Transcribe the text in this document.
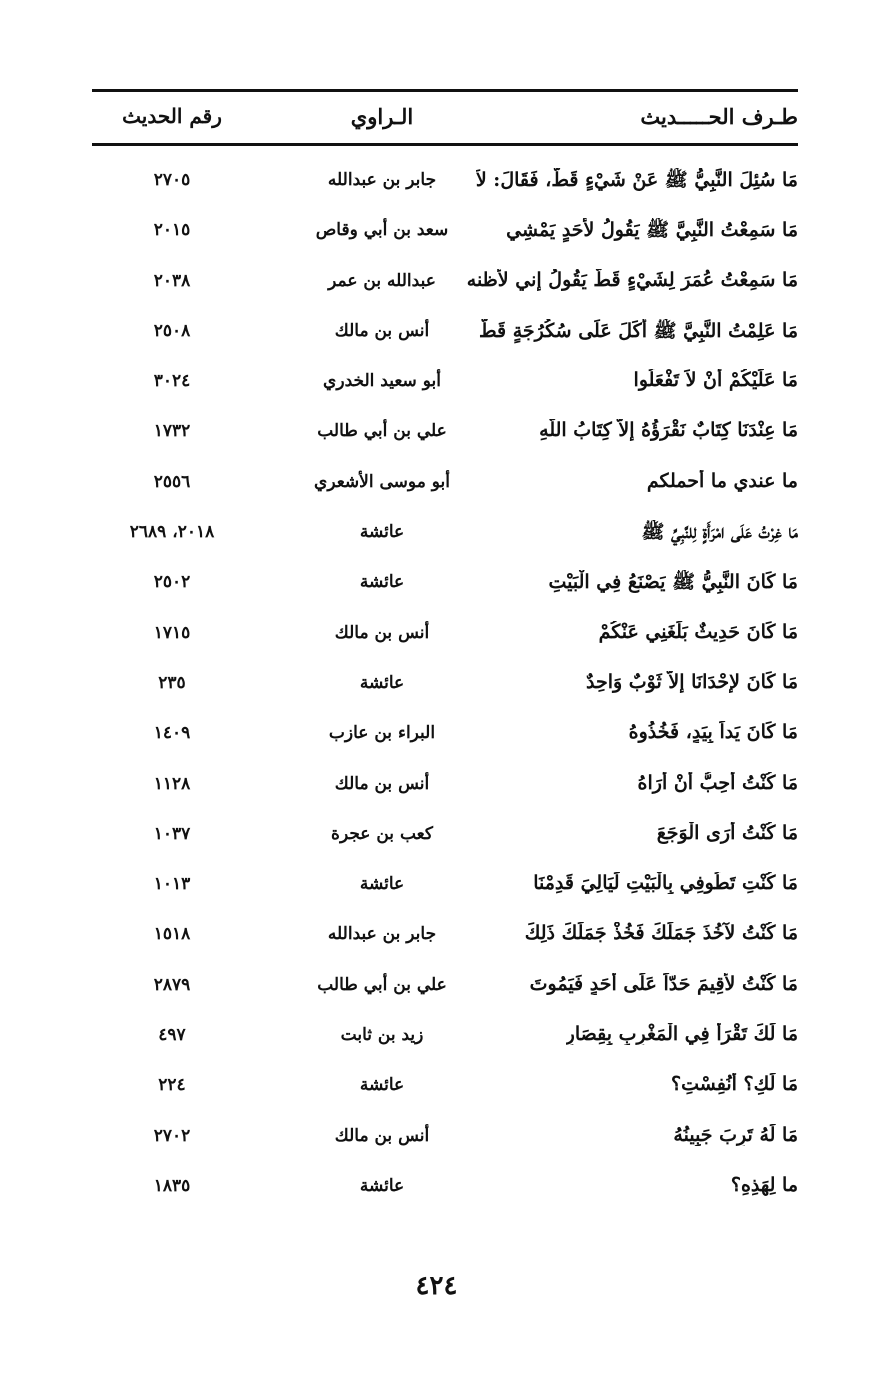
طـرف الحـــــديث
الـراوي
رقم الحديث
مَا سُئِلَ النَّبِيُّ ﷺ عَنْ شَيْءٍ قَطُّ، فَقَالَ: لاَ
جابر بن عبدالله
٢٧٠٥
مَا سَمِعْتُ النَّبِيَّ ﷺ يَقُولُ لأَحَدٍ يَمْشِي
سعد بن أبي وقاص
٢٠١٥
مَا سَمِعْتُ عُمَرَ لِشَيْءٍ قَطُّ يَقُولُ إني لأظنه
عبدالله بن عمر
٢٠٣٨
مَا عَلِمْتُ النَّبِيَّ ﷺ أَكَلَ عَلَى سُكُرُجَةٍ قَطُّ
أنس بن مالك
٢٥٠٨
مَا عَلَيْكُمْ أَنْ لاَ تَفْعَلُوا
أبو سعيد الخدري
٣٠٢٤
مَا عِنْدَنَا كِتَابٌ نَقْرَؤُهُ إِلاَّ كِتَابُ اللَّهِ
علي بن أبي طالب
١٧٣٢
ما عندي ما أحملكم
أبو موسى الأشعري
٢٥٥٦
مَا غِرْتُ عَلَى امْرَأَةٍ لِلنَّبِيِّ ﷺ
عائشة
٢٠١٨، ٢٦٨٩
مَا كَانَ النَّبِيُّ ﷺ يَصْنَعُ فِي الْبَيْتِ
عائشة
٢٥٠٢
مَا كَانَ حَدِيثٌ بَلَغَنِي عَنْكُمْ
أنس بن مالك
١٧١٥
مَا كَانَ لإِحْدَانَا إِلاَّ ثَوْبٌ وَاحِدٌ
عائشة
٢٣٥
مَا كَانَ يَداً بِيَدٍ، فَخُذُوهُ
البراء بن عازب
١٤٠٩
مَا كُنْتُ أُحِبُّ أَنْ أَرَاهُ
أنس بن مالك
١١٢٨
مَا كُنْتُ أُرَى الْوَجَعَ
كعب بن عجرة
١٠٣٧
مَا كُنْتِ تَطُوفِي بِالْبَيْتِ لَيَالِيَ قَدِمْنَا
عائشة
١٠١٣
مَا كُنْتُ لآخُذَ جَمَلَكَ فَخُذْ جَمَلَكَ ذَلِكَ
جابر بن عبدالله
١٥١٨
مَا كُنْتُ لأُقِيمَ حَدّاً عَلَى أَحَدٍ فَيَمُوتَ
علي بن أبي طالب
٢٨٧٩
مَا لَكَ تَقْرَأُ فِي الْمَغْرِبِ بِقِصَارٍ
زيد بن ثابت
٤٩٧
مَا لَكِ؟ أَنُفِسْتِ؟
عائشة
٢٢٤
مَا لَهُ تَرِبَ جَبِينُهُ
أنس بن مالك
٢٧٠٢
ما لِهَذِهِ؟
عائشة
١٨٣٥
٤٢٤
